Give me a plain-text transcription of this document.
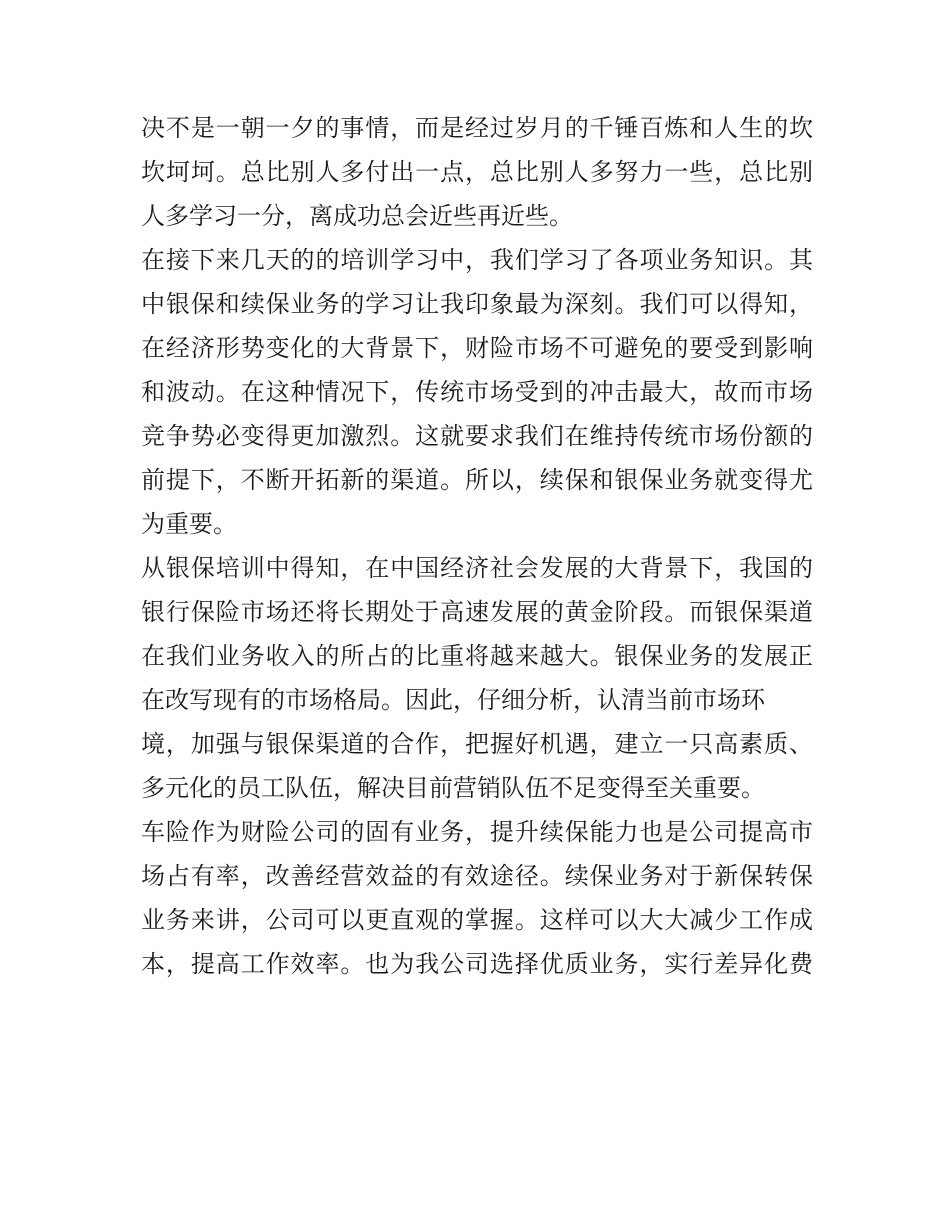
决不是一朝一夕的事情，而是经过岁月的千锤百炼和人生的坎

坎坷坷。总比别人多付出一点，总比别人多努力一些，总比别

人多学习一分，离成功总会近些再近些。

在接下来几天的的培训学习中，我们学习了各项业务知识。其

中银保和续保业务的学习让我印象最为深刻。我们可以得知，

在经济形势变化的大背景下，财险市场不可避免的要受到影响

和波动。在这种情况下，传统市场受到的冲击最大，故而市场

竞争势必变得更加激烈。这就要求我们在维持传统市场份额的

前提下，不断开拓新的渠道。所以，续保和银保业务就变得尤

为重要。

从银保培训中得知，在中国经济社会发展的大背景下，我国的

银行保险市场还将长期处于高速发展的黄金阶段。而银保渠道

在我们业务收入的所占的比重将越来越大。银保业务的发展正

在改写现有的市场格局。因此，仔细分析，认清当前市场环

境，加强与银保渠道的合作，把握好机遇，建立一只高素质、

多元化的员工队伍，解决目前营销队伍不足变得至关重要。

车险作为财险公司的固有业务，提升续保能力也是公司提高市

场占有率，改善经营效益的有效途径。续保业务对于新保转保

业务来讲，公司可以更直观的掌握。这样可以大大减少工作成

本，提高工作效率。也为我公司选择优质业务，实行差异化费
